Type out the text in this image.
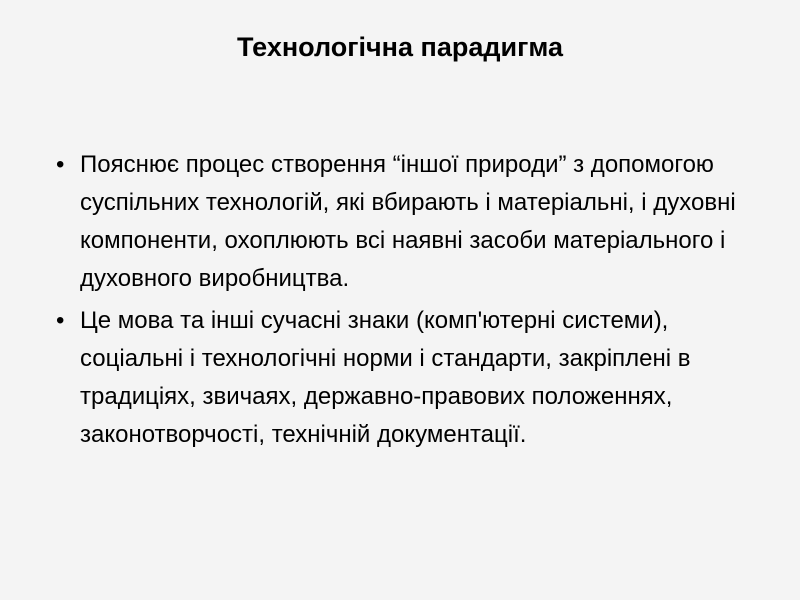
Технологічна парадигма
• Пояснює процес створення “іншої природи” з допомогою суспільних технологій, які вбирають і матеріальні, і духовні компоненти, охоплюють всі наявні засоби матеріального і духовного виробництва.
• Це мова та інші сучасні знаки (комп'ютерні системи), соціальні і технологічні норми і стандарти, закріплені в традиціях, звичаях, державно-правових положеннях, законотворчості, технічній документації.
